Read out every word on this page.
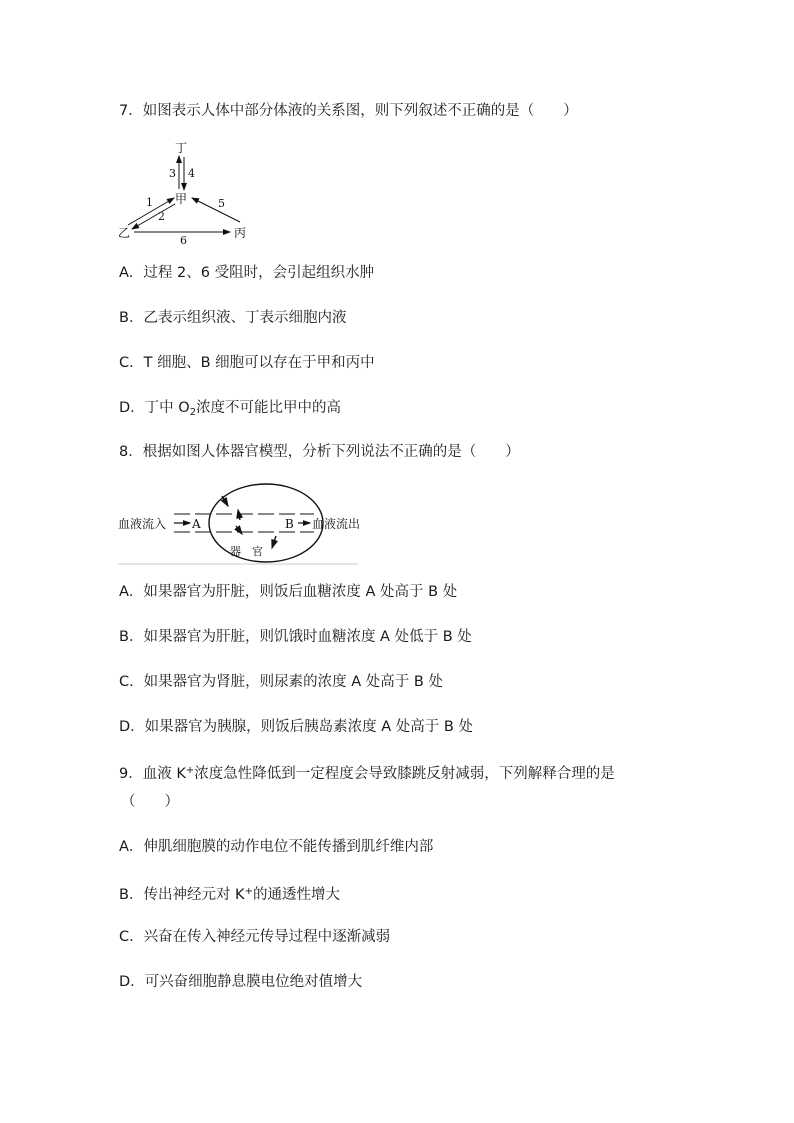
7．如图表示人体中部分体液的关系图，则下列叙述不正确的是（　　）
丁
甲
乙	丙
3 4
1
2
5
6
A．过程 2、6 受阻时，会引起组织水肿
B．乙表示组织液、丁表示细胞内液
C．T 细胞、B 细胞可以存在于甲和丙中
D．丁中 $O_2$浓度不可能比甲中的高
8．根据如图人体器官模型，分析下列说法不正确的是（　　）
血液流入 A	B 血液流出
器　官
A．如果器官为肝脏，则饭后血糖浓度 A 处高于 B 处
B．如果器官为肝脏，则饥饿时血糖浓度 A 处低于 B 处
C．如果器官为肾脏，则尿素的浓度 A 处高于 B 处
D．如果器官为胰腺，则饭后胰岛素浓度 A 处高于 B 处
9．血液 K+浓度急性降低到一定程度会导致膝跳反射减弱，下列解释合理的是
（　　）
A．伸肌细胞膜的动作电位不能传播到肌纤维内部
B．传出神经元对 K+的通透性增大
C．兴奋在传入神经元传导过程中逐渐减弱
D．可兴奋细胞静息膜电位绝对值增大
